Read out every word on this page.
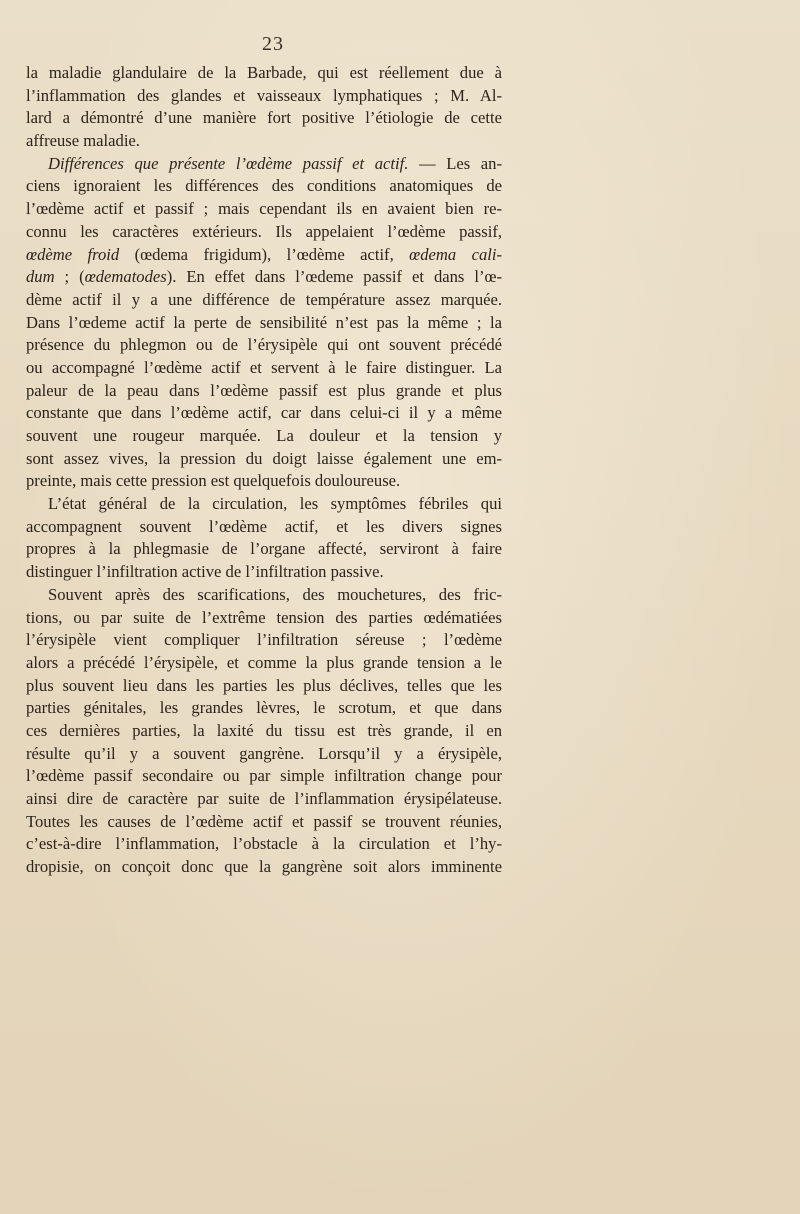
23
la maladie glandulaire de la Barbade, qui est réellement due à
l’inflammation des glandes et vaisseaux lymphatiques ; M. Al-
lard a démontré d’une manière fort positive l’étiologie de cette
affreuse maladie.
Différences que présente l’œdème passif et actif. — Les an-
ciens ignoraient les différences des conditions anatomiques de
l’œdème actif et passif ; mais cependant ils en avaient bien re-
connu les caractères extérieurs. Ils appelaient l’œdème passif,
œdème froid (œdema frigidum), l’œdème actif, œdema cali-
dum ; (œdematodes). En effet dans l’œdeme passif et dans l’œ-
dème actif il y a une différence de température assez marquée.
Dans l’œdeme actif la perte de sensibilité n’est pas la même ; la
présence du phlegmon ou de l’érysipèle qui ont souvent précédé
ou accompagné l’œdème actif et servent à le faire distinguer. La
paleur de la peau dans l’œdème passif est plus grande et plus
constante que dans l’œdème actif, car dans celui-ci il y a même
souvent une rougeur marquée. La douleur et la tension y
sont assez vives, la pression du doigt laisse également une em-
preinte, mais cette pression est quelquefois douloureuse.
L’état général de la circulation, les symptômes fébriles qui
accompagnent souvent l’œdème actif, et les divers signes
propres à la phlegmasie de l’organe affecté, serviront à faire
distinguer l’infiltration active de l’infiltration passive.
Souvent après des scarifications, des mouchetures, des fric-
tions, ou par suite de l’extrême tension des parties œdématiées
l’érysipèle vient compliquer l’infiltration séreuse ; l’œdème
alors a précédé l’érysipèle, et comme la plus grande tension a le
plus souvent lieu dans les parties les plus déclives, telles que les
parties génitales, les grandes lèvres, le scrotum, et que dans
ces dernières parties, la laxité du tissu est très grande, il en
résulte qu’il y a souvent gangrène. Lorsqu’il y a érysipèle,
l’œdème passif secondaire ou par simple infiltration change pour
ainsi dire de caractère par suite de l’inflammation érysipélateuse.
Toutes les causes de l’œdème actif et passif se trouvent réunies,
c’est-à-dire l’inflammation, l’obstacle à la circulation et l’hy-
dropisie, on conçoit donc que la gangrène soit alors imminente
